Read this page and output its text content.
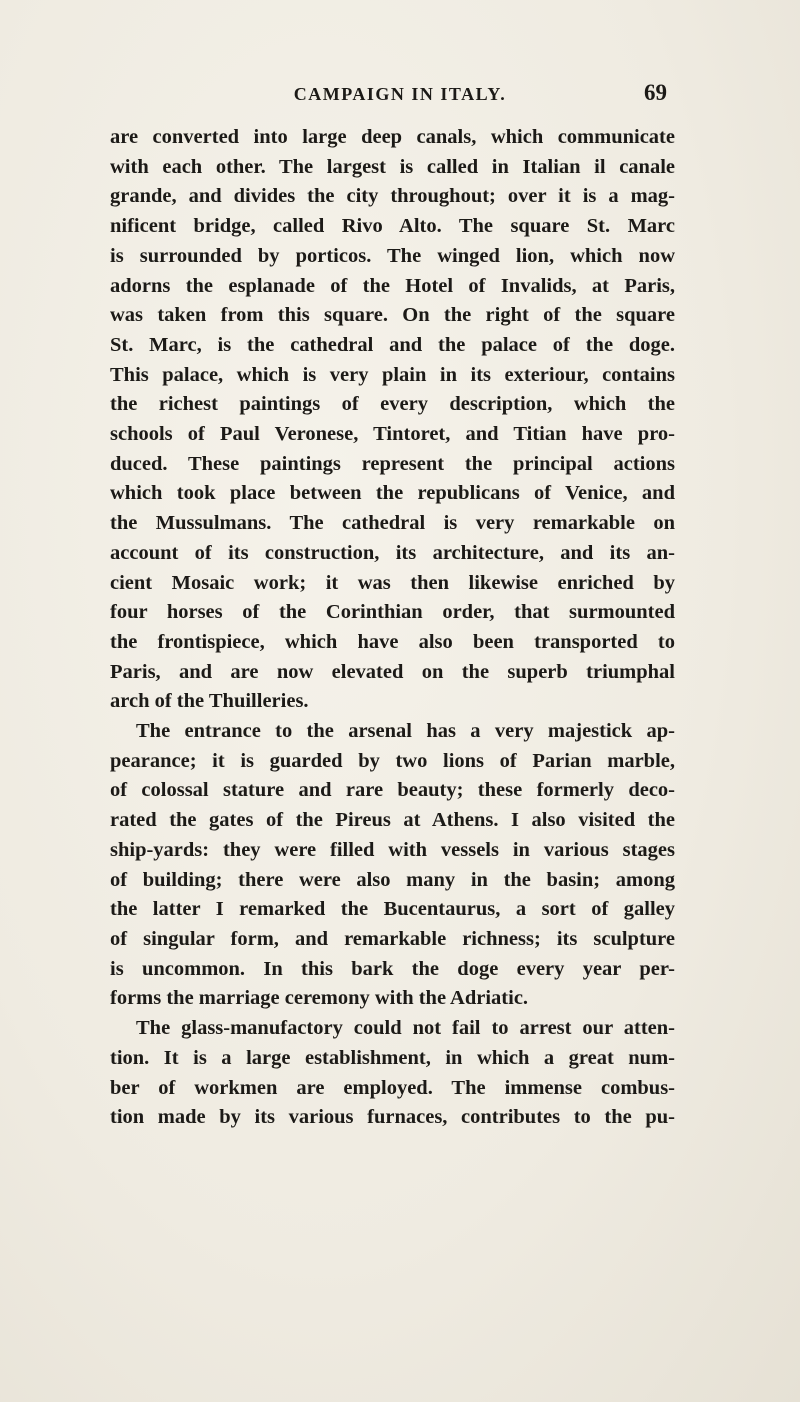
CAMPAIGN IN ITALY.	69
are converted into large deep canals, which communicate
with each other. The largest is called in Italian il canale
grande, and divides the city throughout; over it is a mag-
nificent bridge, called Rivo Alto. The square St. Marc
is surrounded by porticos. The winged lion, which now
adorns the esplanade of the Hotel of Invalids, at Paris,
was taken from this square. On the right of the square
St. Marc, is the cathedral and the palace of the doge.
This palace, which is very plain in its exteriour, contains
the richest paintings of every description, which the
schools of Paul Veronese, Tintoret, and Titian have pro-
duced. These paintings represent the principal actions
which took place between the republicans of Venice, and
the Mussulmans. The cathedral is very remarkable on
account of its construction, its architecture, and its an-
cient Mosaic work; it was then likewise enriched by
four horses of the Corinthian order, that surmounted
the frontispiece, which have also been transported to
Paris, and are now elevated on the superb triumphal
arch of the Thuilleries.
The entrance to the arsenal has a very majestick ap-
pearance; it is guarded by two lions of Parian marble,
of colossal stature and rare beauty; these formerly deco-
rated the gates of the Pireus at Athens. I also visited the
ship-yards: they were filled with vessels in various stages
of building; there were also many in the basin; among
the latter I remarked the Bucentaurus, a sort of galley
of singular form, and remarkable richness; its sculpture
is uncommon. In this bark the doge every year per-
forms the marriage ceremony with the Adriatic.
The glass-manufactory could not fail to arrest our atten-
tion. It is a large establishment, in which a great num-
ber of workmen are employed. The immense combus-
tion made by its various furnaces, contributes to the pu-
